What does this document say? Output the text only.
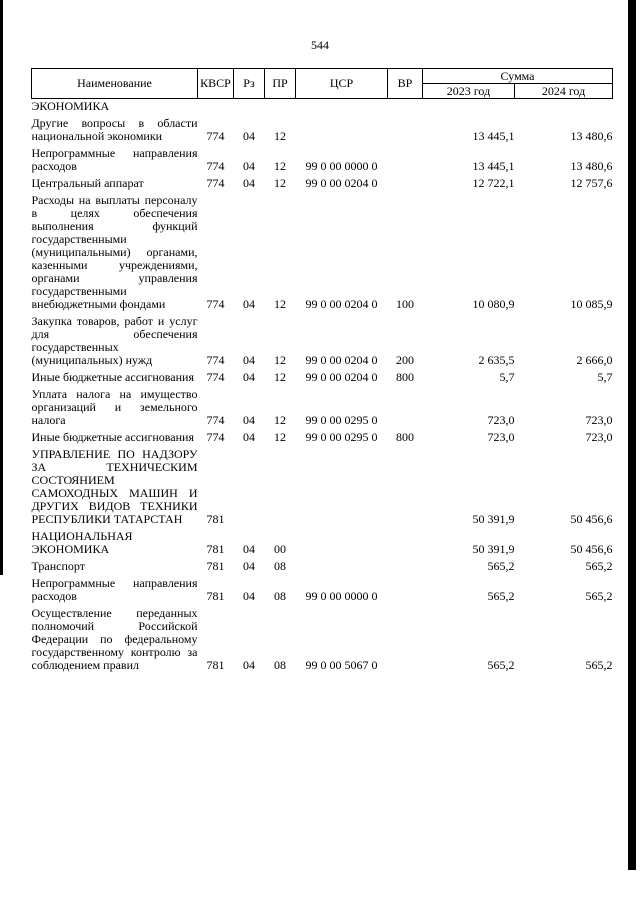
544
Наименование	КВСР	Рз	ПР	ЦСР	ВР	Сумма	
						2023 год	2024 год
ЭКОНОМИКА							
Другие вопросы в области национальной экономики	774	04	12			13 445,1	13 480,6
Непрограммные направления расходов	774	04	12	99 0 00 0000 0		13 445,1	13 480,6
Центральный аппарат	774	04	12	99 0 00 0204 0		12 722,1	12 757,6
Расходы на выплаты персоналу в целях обеспечения выполнения функций государственными (муниципальными) органами, казенными учреждениями, органами управления государственными внебюджетными фондами	774	04	12	99 0 00 0204 0	100	10 080,9	10 085,9
Закупка товаров, работ и услуг для обеспечения государственных (муниципальных) нужд	774	04	12	99 0 00 0204 0	200	2 635,5	2 666,0
Иные бюджетные ассигнования	774	04	12	99 0 00 0204 0	800	5,7	5,7
Уплата налога на имущество организаций и земельного налога	774	04	12	99 0 00 0295 0		723,0	723,0
Иные бюджетные ассигнования	774	04	12	99 0 00 0295 0	800	723,0	723,0
УПРАВЛЕНИЕ ПО НАДЗОРУ ЗА ТЕХНИЧЕСКИМ СОСТОЯНИЕМ САМОХОДНЫХ МАШИН И ДРУГИХ ВИДОВ ТЕХНИКИ РЕСПУБЛИКИ ТАТАРСТАН	781					50 391,9	50 456,6
НАЦИОНАЛЬНАЯ ЭКОНОМИКА	781	04	00			50 391,9	50 456,6
Транспорт	781	04	08			565,2	565,2
Непрограммные направления расходов	781	04	08	99 0 00 0000 0		565,2	565,2
Осуществление переданных полномочий Российской Федерации по федеральному государственному контролю за соблюдением правил	781	04	08	99 0 00 5067 0		565,2	565,2
